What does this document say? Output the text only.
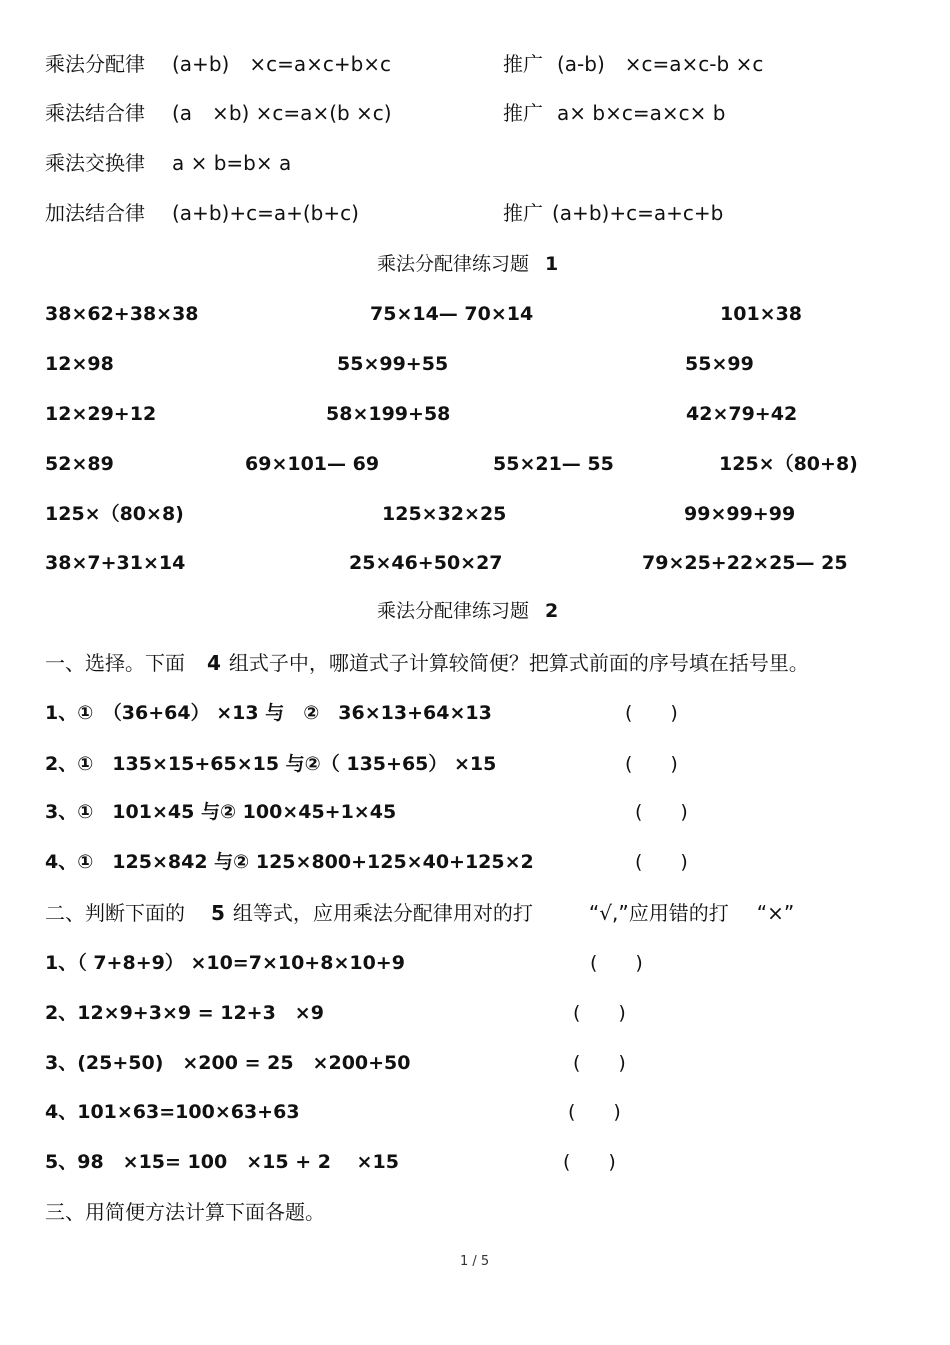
乘法分配律 (a+b)　×c=a×c+b×c	推广 (a-b)　×c=a×c-b ×c
乘法结合律 (a　×b) ×c=a×(b ×c)	推广 a× b×c=a×c× b
乘法交换律 a × b=b× a
加法结合律 (a+b)+c=a+(b+c)	推广 (a+b)+c=a+c+b
乘法分配律练习题 1
38×62+38×38	75×14— 70×14	101×38
12×98	55×99+55	55×99
12×29+12	58×199+58	42×79+42
52×89	69×101— 69	55×21— 55	125×（80+8)
125×（80×8)	125×32×25	99×99+99
38×7+31×14	25×46+50×27	79×25+22×25— 25
乘法分配律练习题 2
一、选择。下面 4 组式子中，哪道式子计算较简便？把算式前面的序号填在括号里。
1、①　（36+64） ×13 与　②　36×13+64×13	(　　)
2、①　135×15+65×15 与②（ 135+65） ×15	(　　)
3、①　101×45 与② 100×45+1×45	(　　)
4、①　125×842 与② 125×800+125×40+125×2	(　　)
二、判断下面的 5 组等式，应用乘法分配律用对的打	“√,”应用错的打 “×”
1、（ 7+8+9） ×10=7×10+8×10+9	(　　)
2、12×9+3×9 = 12+3　×9	(　　)
3、(25+50)　×200 = 25　×200+50	(　　)
4、101×63=100×63+63	(　　)
5、98　×15= 100　×15 + 2　 ×15	(　　)
三、用简便方法计算下面各题。
1 / 5
